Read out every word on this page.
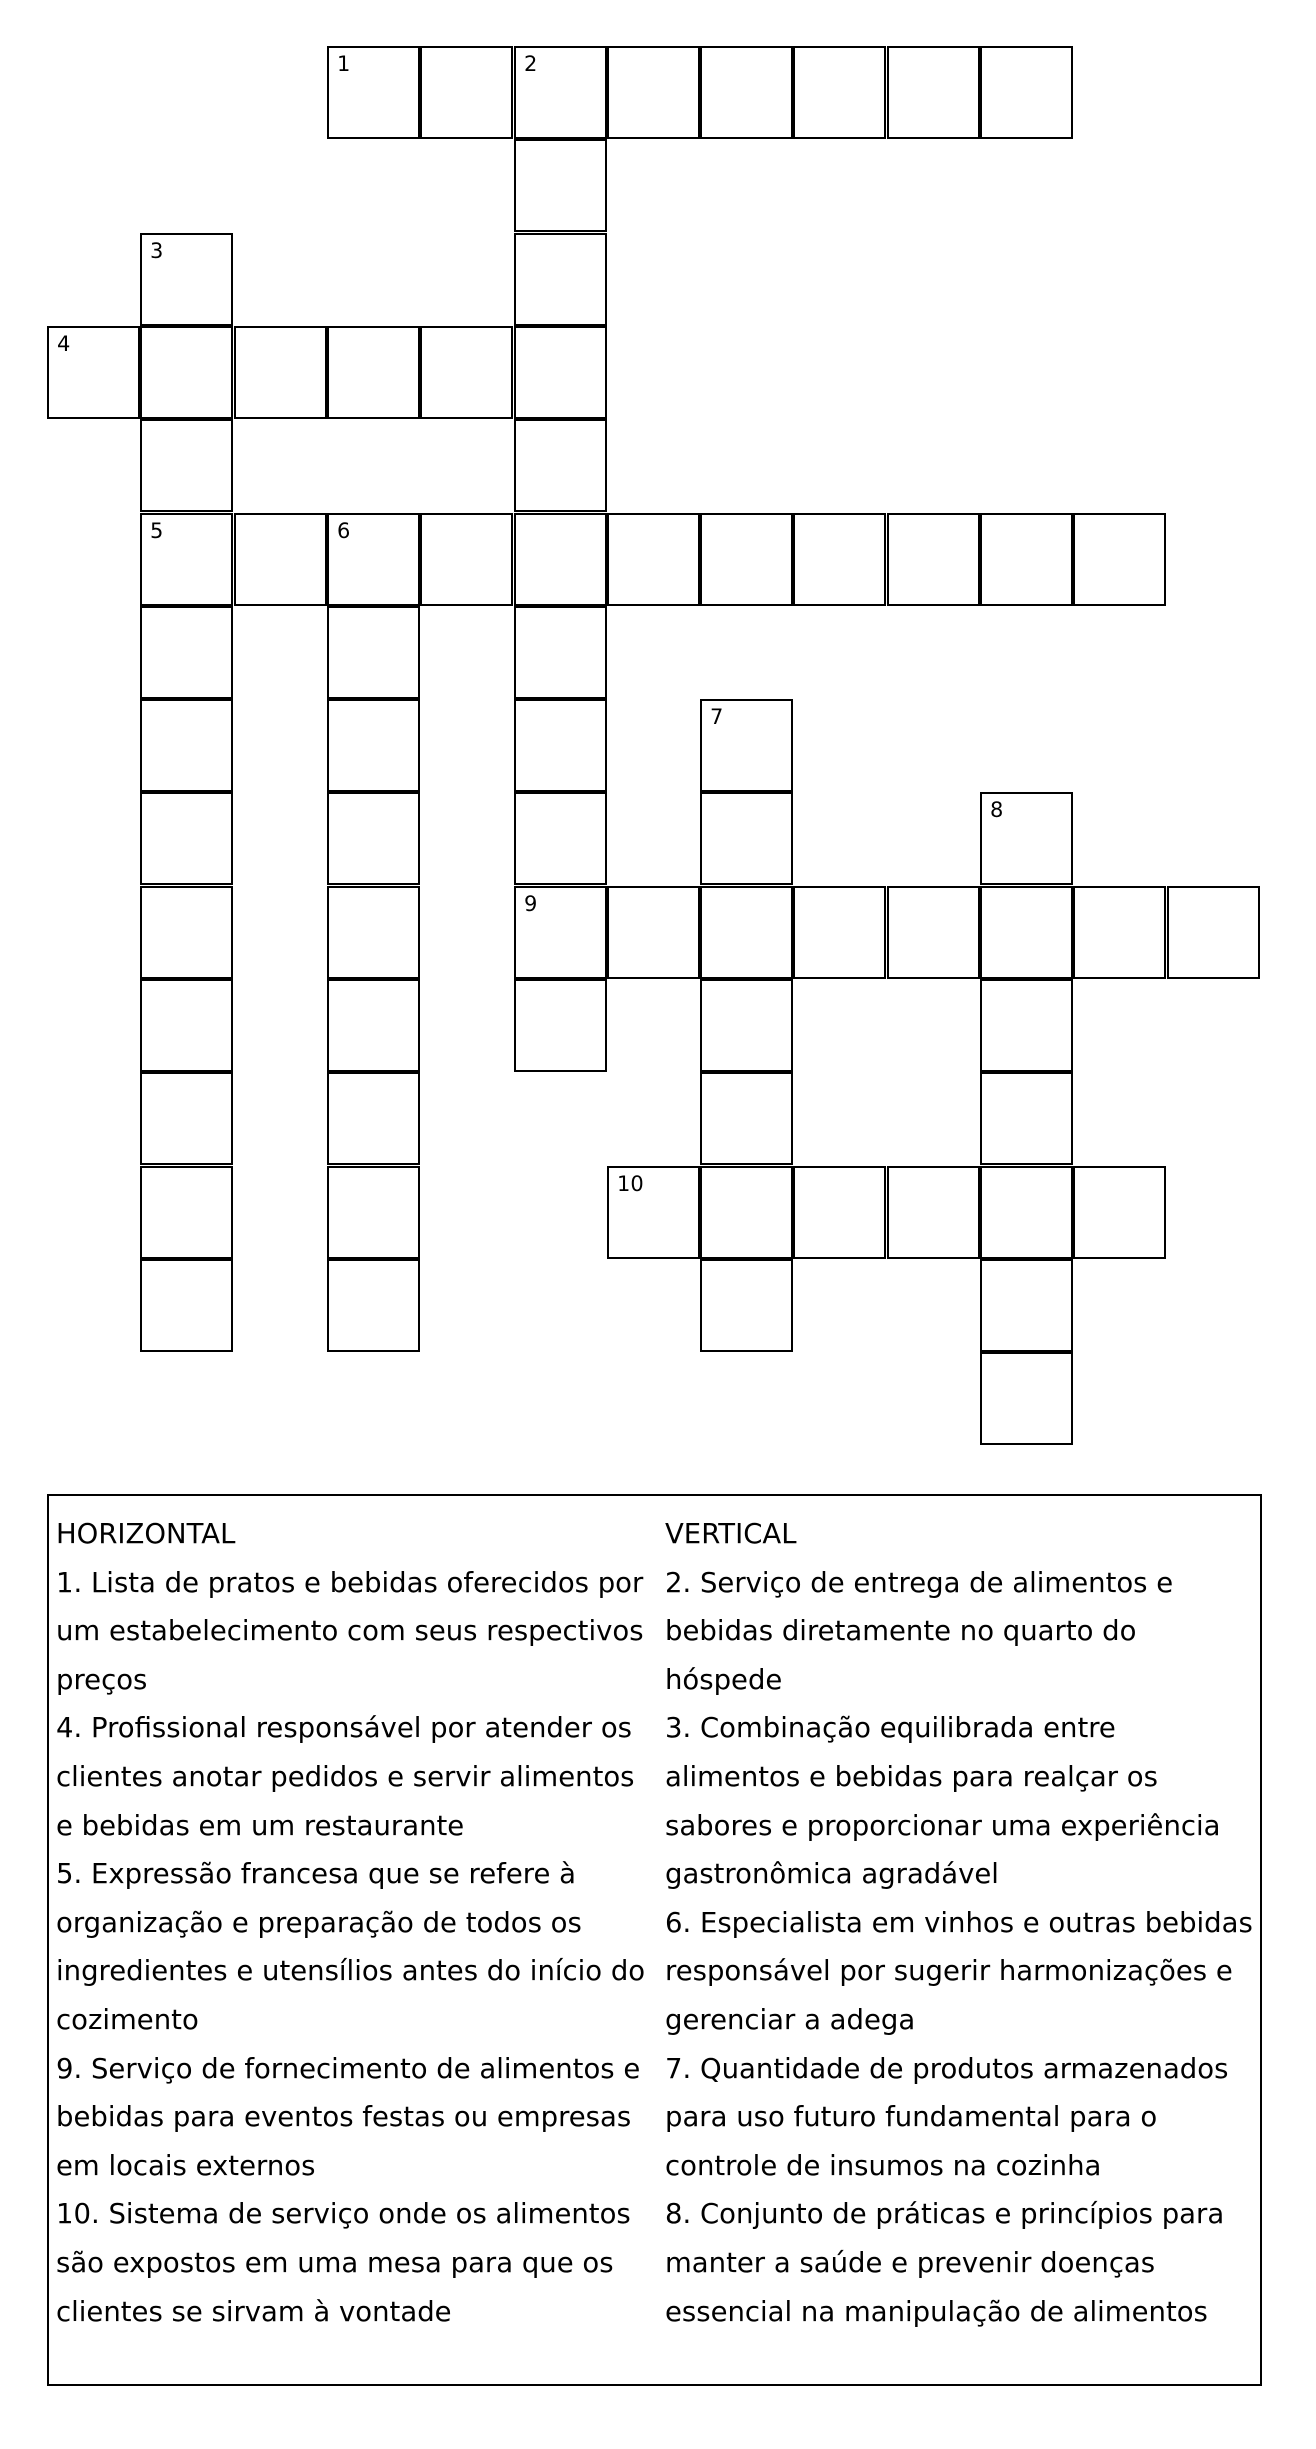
1	2
9
3
5
4
6
7
8
10

HORIZONTAL

1. Lista de pratos e bebidas oferecidos por um estabelecimento com seus respectivos preços

4. Profissional responsável por atender os clientes anotar pedidos e servir alimentos e bebidas em um restaurante

5. Expressão francesa que se refere à organização e preparação de todos os ingredientes e utensílios antes do início do cozimento

9. Serviço de fornecimento de alimentos e bebidas para eventos festas ou empresas em locais externos

10. Sistema de serviço onde os alimentos são expostos em uma mesa para que os clientes se sirvam à vontade

VERTICAL

2. Serviço de entrega de alimentos e bebidas diretamente no quarto do hóspede

3. Combinação equilibrada entre alimentos e bebidas para realçar os sabores e proporcionar uma experiência gastronômica agradável

6. Especialista em vinhos e outras bebidas responsável por sugerir harmonizações e gerenciar a adega

7. Quantidade de produtos armazenados para uso futuro fundamental para o controle de insumos na cozinha

8. Conjunto de práticas e princípios para manter a saúde e prevenir doenças essencial na manipulação de alimentos
